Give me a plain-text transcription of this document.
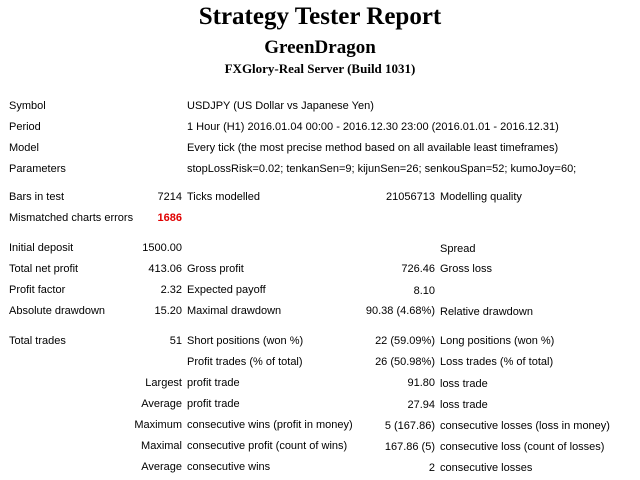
Strategy Tester Report
GreenDragon
FXGlory-Real Server (Build 1031)
Symbol	USDJPY (US Dollar vs Japanese Yen)
Period	1 Hour (H1) 2016.01.04 00:00 - 2016.12.30 23:00 (2016.01.01 - 2016.12.31)
Model	Every tick (the most precise method based on all available least timeframes)
Parameters	stopLossRisk=0.02; tenkanSen=9; kijunSen=26; senkouSpan=52; kumoJoy=60;
Bars in test	7214 Ticks modelled	21056713 Modelling quality
Mismatched charts errors 1686
Initial deposit	1500.00	Spread
Total net profit	413.06 Gross profit	726.46 Gross loss
Profit factor	2.32 Expected payoff	8.10
Absolute drawdown	15.20 Maximal drawdown	90.38 (4.68%) Relative drawdown
Total trades	51 Short positions (won %)	22 (59.09%) Long positions (won %)
Profit trades (% of total)	26 (50.98%) Loss trades (% of total)
Largest profit trade	91.80 loss trade
Average profit trade	27.94 loss trade
Maximum consecutive wins (profit in money)	5 (167.86) consecutive losses (loss in money)
Maximal consecutive profit (count of wins)	167.86 (5) consecutive loss (count of losses)
Average consecutive wins	2 consecutive losses
